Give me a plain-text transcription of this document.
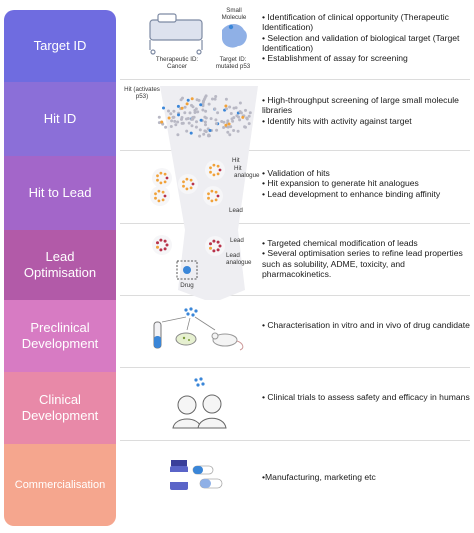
Target ID
Hit ID
Hit to Lead
Lead Optimisation
Preclinical Development
Clinical Development
Commercialisation
Small Molecule
Therapeutic ID: Cancer
Target ID: mutated p53
Hit (activates p53)
Hit
Hit analogue
Lead
Lead
Lead analogue
Drug
• Identification of clinical opportunity (Therapeutic Identification)
• Selection and validation of biological target (Target Identification)
• Establishment of assay for screening
• High-throughput screening of large small molecule libraries
• Identify hits with activity against target
• Validation of hits
• Hit expansion to generate hit analogues
• Lead development to enhance binding affinity
• Targeted chemical modification of leads
• Several optimisation series to refine lead properties such as solubility, ADME, toxicity, and pharmacokinetics.
• Characterisation in vitro and in vivo of drug candidate
• Clinical trials to assess safety and efficacy in humans
•Manufacturing, marketing etc
